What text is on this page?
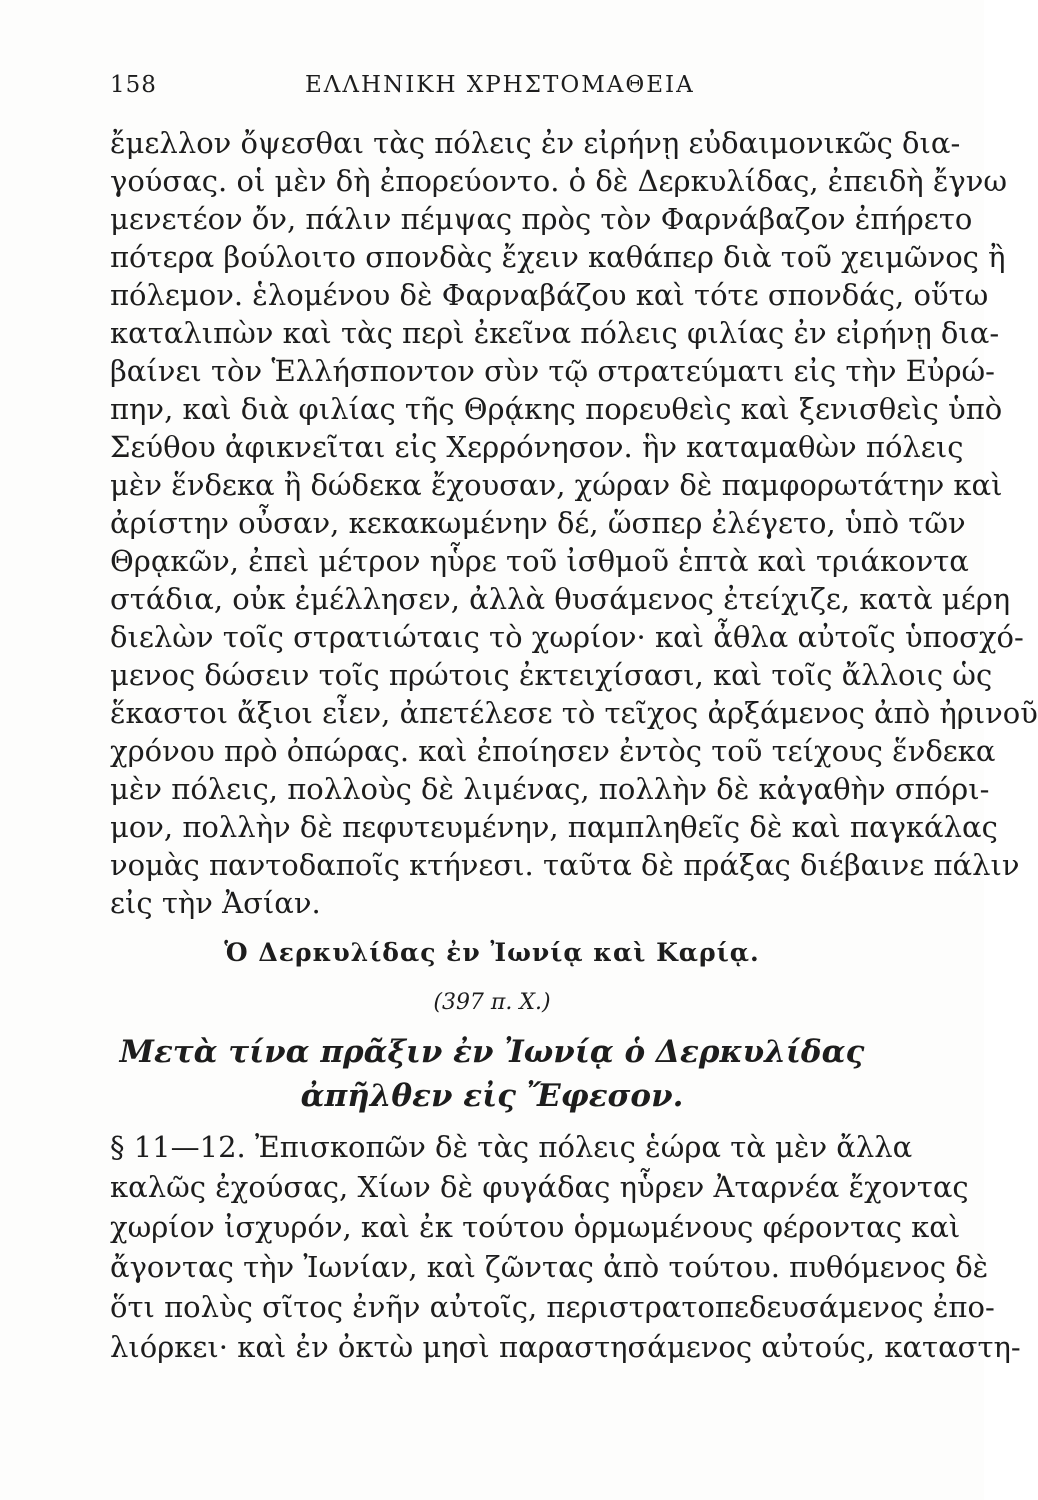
158	ΕΛΛΗΝΙΚΗ ΧΡΗΣΤΟΜΑΘΕΙΑ
ἔμελλον ὄψεσθαι τὰς πόλεις ἐν εἰρήνῃ εὐδαιμονικῶς δια-
γούσας. οἱ μὲν δὴ ἐπορεύοντο. ὁ δὲ Δερκυλίδας, ἐπειδὴ ἔγνω
μενετέον ὄν, πάλιν πέμψας πρὸς τὸν Φαρνάβαζον ἐπήρετο
πότερα βούλοιτο σπονδὰς ἔχειν καθάπερ διὰ τοῦ χειμῶνος ἢ
πόλεμον. ἑλομένου δὲ Φαρναβάζου καὶ τότε σπονδάς, οὕτω
καταλιπὼν καὶ τὰς περὶ ἐκεῖνα πόλεις φιλίας ἐν εἰρήνῃ δια-
βαίνει τὸν Ἑλλήσποντον σὺν τῷ στρατεύματι εἰς τὴν Εὐρώ-
πην, καὶ διὰ φιλίας τῆς Θρᾴκης πορευθεὶς καὶ ξενισθεὶς ὑπὸ
Σεύθου ἀφικνεῖται εἰς Χερρόνησον. ἣν καταμαθὼν πόλεις
μὲν ἕνδεκα ἢ δώδεκα ἔχουσαν, χώραν δὲ παμφορωτάτην καὶ
ἀρίστην οὖσαν, κεκακωμένην δέ, ὥσπερ ἐλέγετο, ὑπὸ τῶν
Θρᾳκῶν, ἐπεὶ μέτρον ηὗρε τοῦ ἰσθμοῦ ἑπτὰ καὶ τριάκοντα
στάδια, οὐκ ἐμέλλησεν, ἀλλὰ θυσάμενος ἐτείχιζε, κατὰ μέρη
διελὼν τοῖς στρατιώταις τὸ χωρίον· καὶ ἆθλα αὐτοῖς ὑποσχό-
μενος δώσειν τοῖς πρώτοις ἐκτειχίσασι, καὶ τοῖς ἄλλοις ὡς
ἕκαστοι ἄξιοι εἶεν, ἀπετέλεσε τὸ τεῖχος ἀρξάμενος ἀπὸ ἠρινοῦ
χρόνου πρὸ ὀπώρας. καὶ ἐποίησεν ἐντὸς τοῦ τείχους ἕνδεκα
μὲν πόλεις, πολλοὺς δὲ λιμένας, πολλὴν δὲ κἀγαθὴν σπόρι-
μον, πολλὴν δὲ πεφυτευμένην, παμπληθεῖς δὲ καὶ παγκάλας
νομὰς παντοδαποῖς κτήνεσι. ταῦτα δὲ πράξας διέβαινε πάλιν
εἰς τὴν Ἀσίαν.
Ὁ Δερκυλίδας ἐν Ἰωνίᾳ καὶ Καρίᾳ.
(397 π. Χ.)
Μετὰ τίνα πρᾶξιν ἐν Ἰωνίᾳ ὁ Δερκυλίδας
ἀπῆλθεν εἰς Ἔφεσον.
§ 11—12. Ἐπισκοπῶν δὲ τὰς πόλεις ἑώρα τὰ μὲν ἄλλα
καλῶς ἐχούσας, Χίων δὲ φυγάδας ηὗρεν Ἀταρνέα ἔχοντας
χωρίον ἰσχυρόν, καὶ ἐκ τούτου ὁρμωμένους φέροντας καὶ
ἄγοντας τὴν Ἰωνίαν, καὶ ζῶντας ἀπὸ τούτου. πυθόμενος δὲ
ὅτι πολὺς σῖτος ἐνῆν αὐτοῖς, περιστρατοπεδευσάμενος ἐπο-
λιόρκει· καὶ ἐν ὀκτὼ μησὶ παραστησάμενος αὐτούς, καταστη-
